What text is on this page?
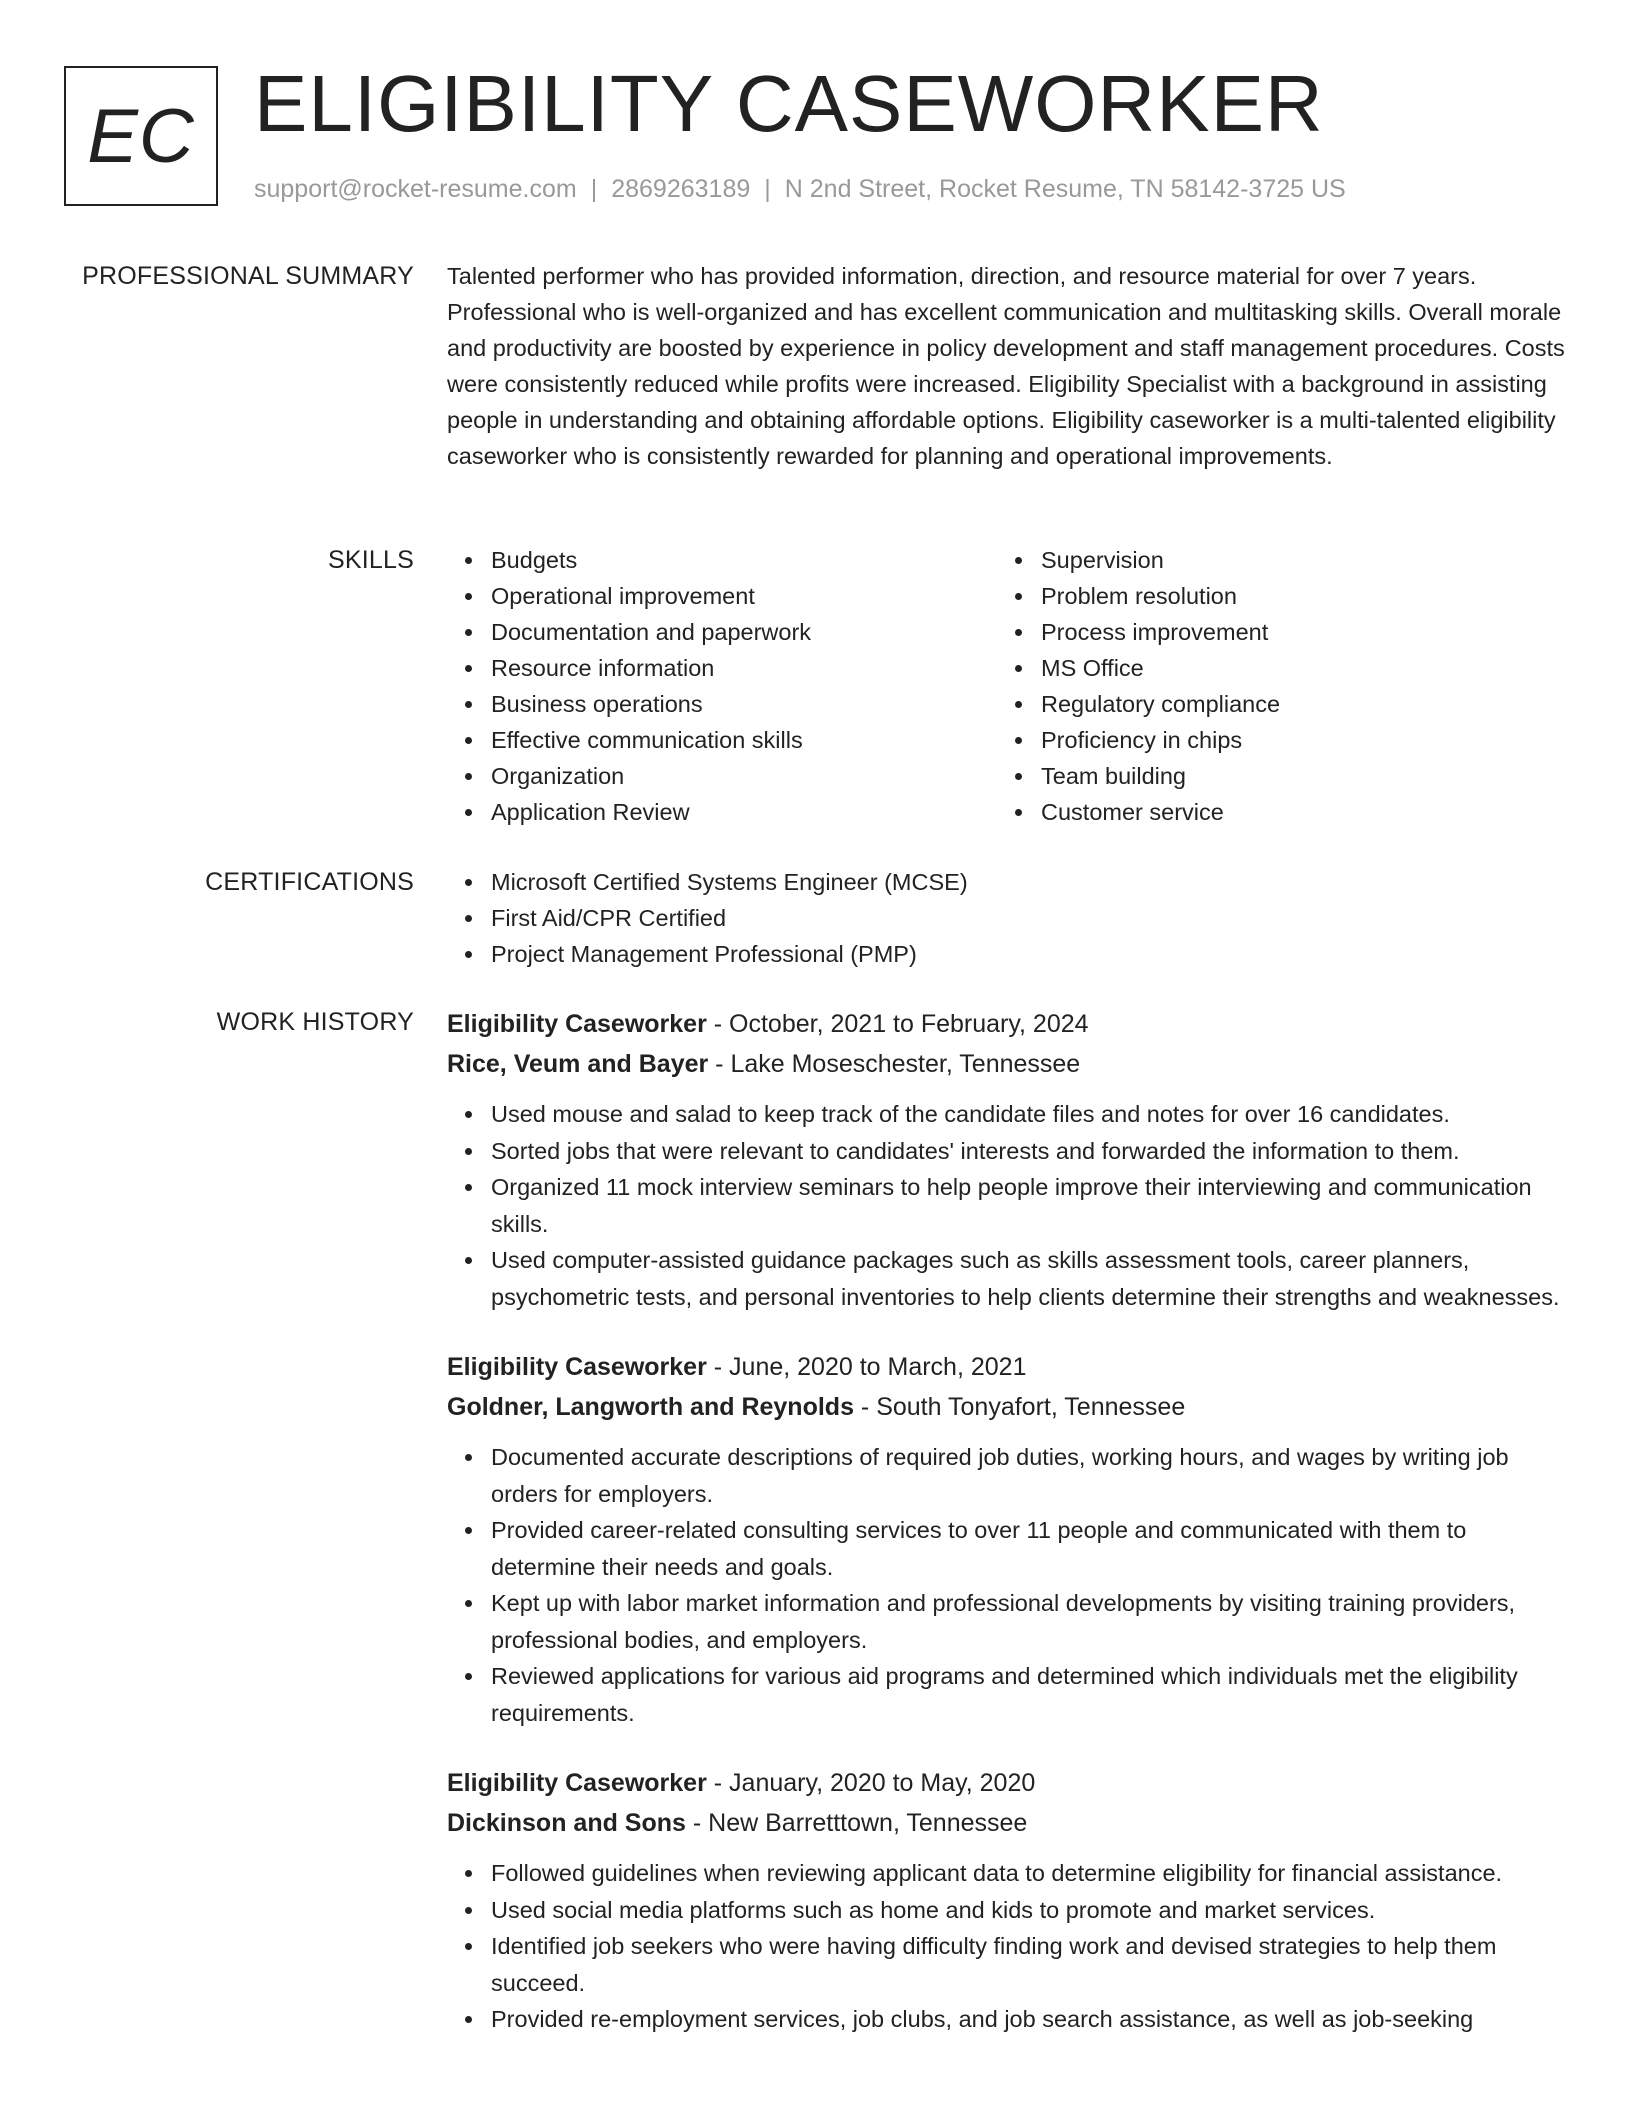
EC ELIGIBILITY CASEWORKER
support@rocket-resume.com | 2869263189 | N 2nd Street, Rocket Resume, TN 58142-3725 US
PROFESSIONAL SUMMARY Talented performer who has provided information, direction, and resource material for over 7 years. Professional who is well-organized and has excellent communication and multitasking skills. Overall morale and productivity are boosted by experience in policy development and staff management procedures. Costs were consistently reduced while profits were increased. Eligibility Specialist with a background in assisting people in understanding and obtaining affordable options. Eligibility caseworker is a multi-talented eligibility caseworker who is consistently rewarded for planning and operational improvements.

SKILLS	Budgets
Operational improvement
Documentation and paperwork
Resource information
Business operations
Effective communication skills
Organization
Application Review
Supervision
Problem resolution
Process improvement
MS Office
Regulatory compliance
Proficiency in chips
Team building
Customer service
CERTIFICATIONS	Microsoft Certified Systems Engineer (MCSE)
First Aid/CPR Certified
Project Management Professional (PMP)
WORK HISTORY Eligibility Caseworker - October, 2021 to February, 2024
Rice, Veum and Bayer - Lake Moseschester, Tennessee
Used mouse and salad to keep track of the candidate files and notes for over 16 candidates.
Sorted jobs that were relevant to candidates' interests and forwarded the information to them.
Organized 11 mock interview seminars to help people improve their interviewing and communication skills.
Used computer-assisted guidance packages such as skills assessment tools, career planners, psychometric tests, and personal inventories to help clients determine their strengths and weaknesses.
Eligibility Caseworker - June, 2020 to March, 2021
Goldner, Langworth and Reynolds - South Tonyafort, Tennessee
Documented accurate descriptions of required job duties, working hours, and wages by writing job orders for employers.
Provided career-related consulting services to over 11 people and communicated with them to determine their needs and goals.
Kept up with labor market information and professional developments by visiting training providers, professional bodies, and employers.
Reviewed applications for various aid programs and determined which individuals met the eligibility requirements.
Eligibility Caseworker - January, 2020 to May, 2020
Dickinson and Sons - New Barretttown, Tennessee
Followed guidelines when reviewing applicant data to determine eligibility for financial assistance.
Used social media platforms such as home and kids to promote and market services.
Identified job seekers who were having difficulty finding work and devised strategies to help them succeed.
Provided re-employment services, job clubs, and job search assistance, as well as job-seeking
